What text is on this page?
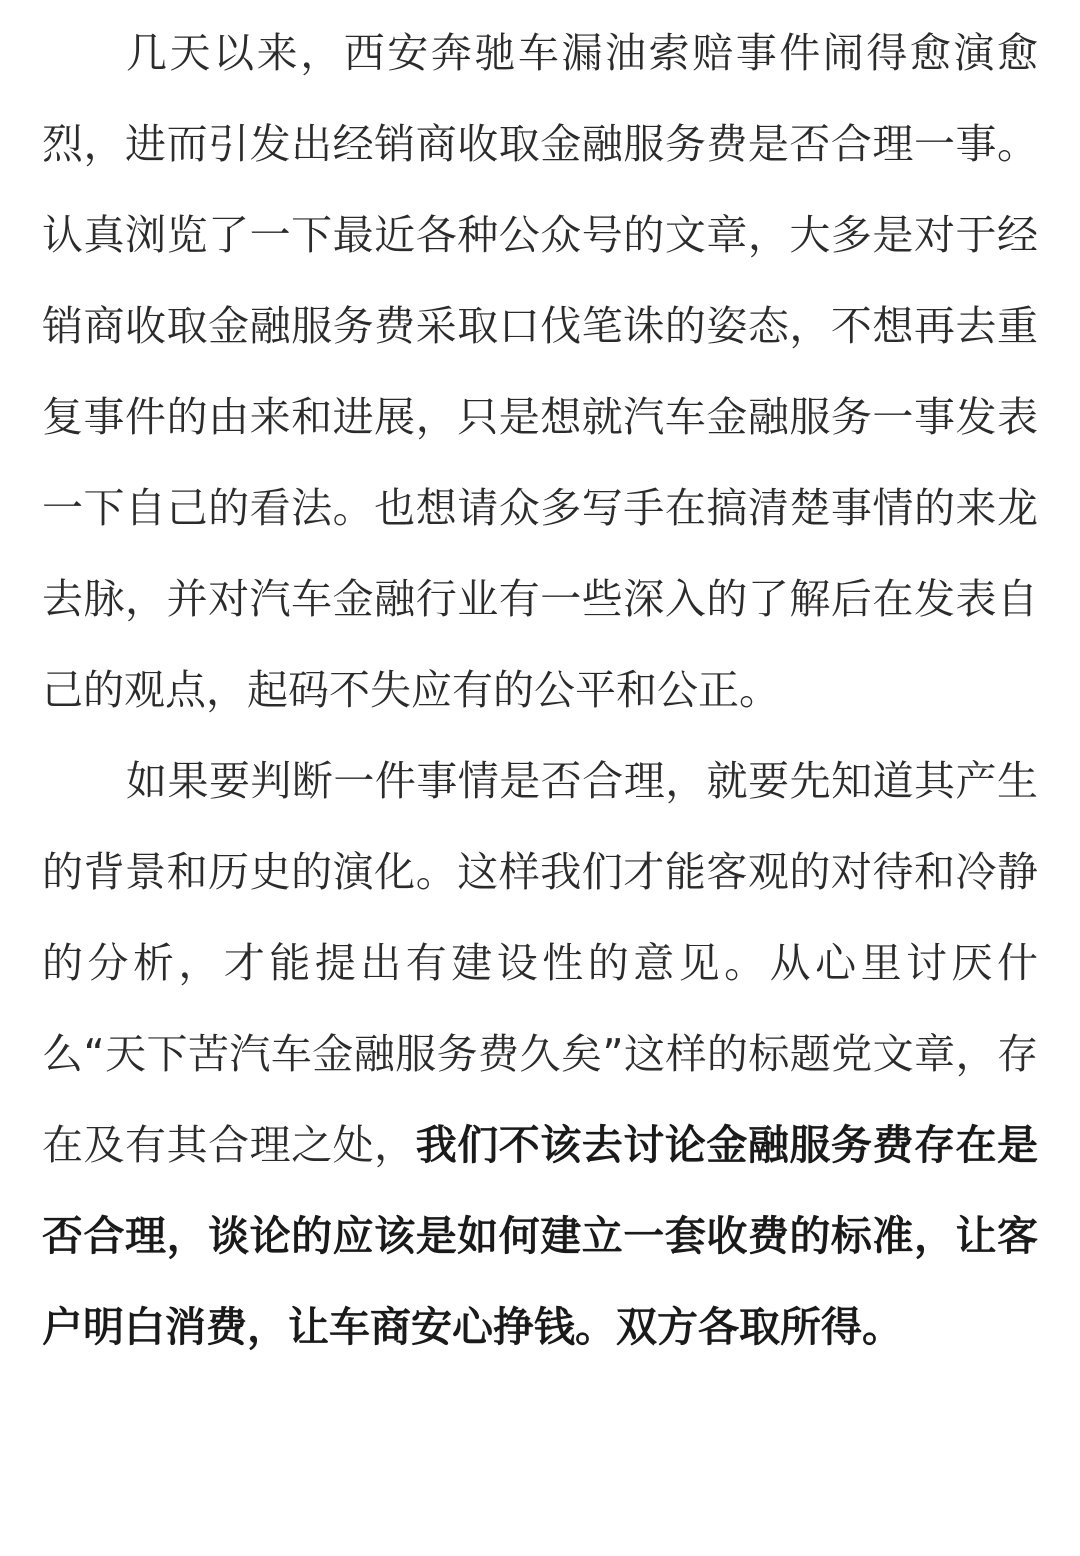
几天以来，西安奔驰车漏油索赔事件闹得愈演愈烈，进而引发出经销商收取金融服务费是否合理一事。认真浏览了一下最近各种公众号的文章，大多是对于经销商收取金融服务费采取口伐笔诛的姿态，不想再去重复事件的由来和进展，只是想就汽车金融服务一事发表一下自己的看法。也想请众多写手在搞清楚事情的来龙去脉，并对汽车金融行业有一些深入的了解后在发表自己的观点，起码不失应有的公平和公正。

如果要判断一件事情是否合理，就要先知道其产生的背景和历史的演化。这样我们才能客观的对待和冷静的分析，才能提出有建设性的意见。从心里讨厌什么“天下苦汽车金融服务费久矣”这样的标题党文章，存在及有其合理之处，我们不该去讨论金融服务费存在是否合理，谈论的应该是如何建立一套收费的标准，让客户明白消费，让车商安心挣钱。双方各取所得。
